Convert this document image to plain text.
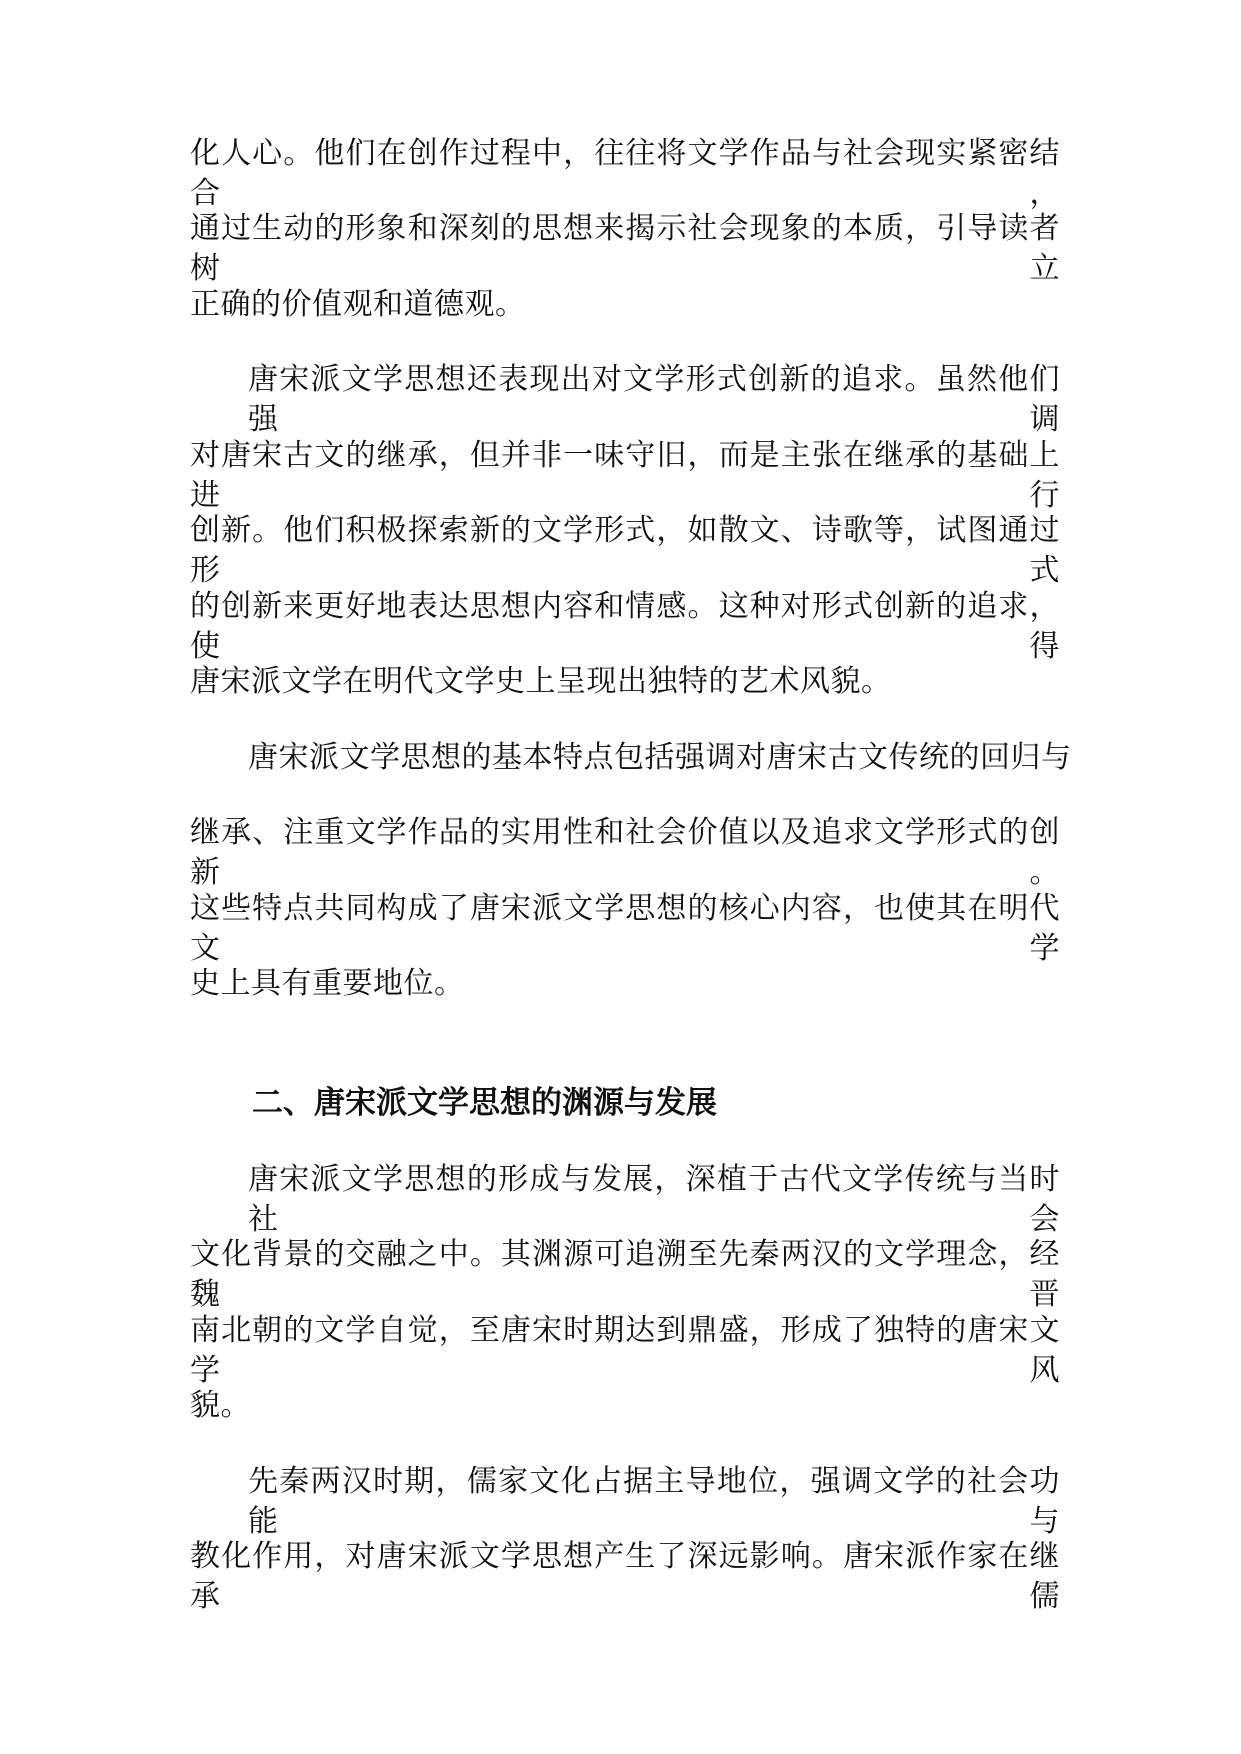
化人心。他们在创作过程中，往往将文学作品与社会现实紧密结合，
通过生动的形象和深刻的思想来揭示社会现象的本质，引导读者树立
正确的价值观和道德观。
唐宋派文学思想还表现出对文学形式创新的追求。虽然他们强调
对唐宋古文的继承，但并非一味守旧，而是主张在继承的基础上进行
创新。他们积极探索新的文学形式，如散文、诗歌等，试图通过形式
的创新来更好地表达思想内容和情感。这种对形式创新的追求，使得
唐宋派文学在明代文学史上呈现出独特的艺术风貌。
唐宋派文学思想的基本特点包括强调对唐宋古文传统的回归与
继承、注重文学作品的实用性和社会价值以及追求文学形式的创新。
这些特点共同构成了唐宋派文学思想的核心内容，也使其在明代文学
史上具有重要地位。
二、唐宋派文学思想的渊源与发展
唐宋派文学思想的形成与发展，深植于古代文学传统与当时社会
文化背景的交融之中。其渊源可追溯至先秦两汉的文学理念，经魏晋
南北朝的文学自觉，至唐宋时期达到鼎盛，形成了独特的唐宋文学风
貌。
先秦两汉时期，儒家文化占据主导地位，强调文学的社会功能与
教化作用，对唐宋派文学思想产生了深远影响。唐宋派作家在继承儒
